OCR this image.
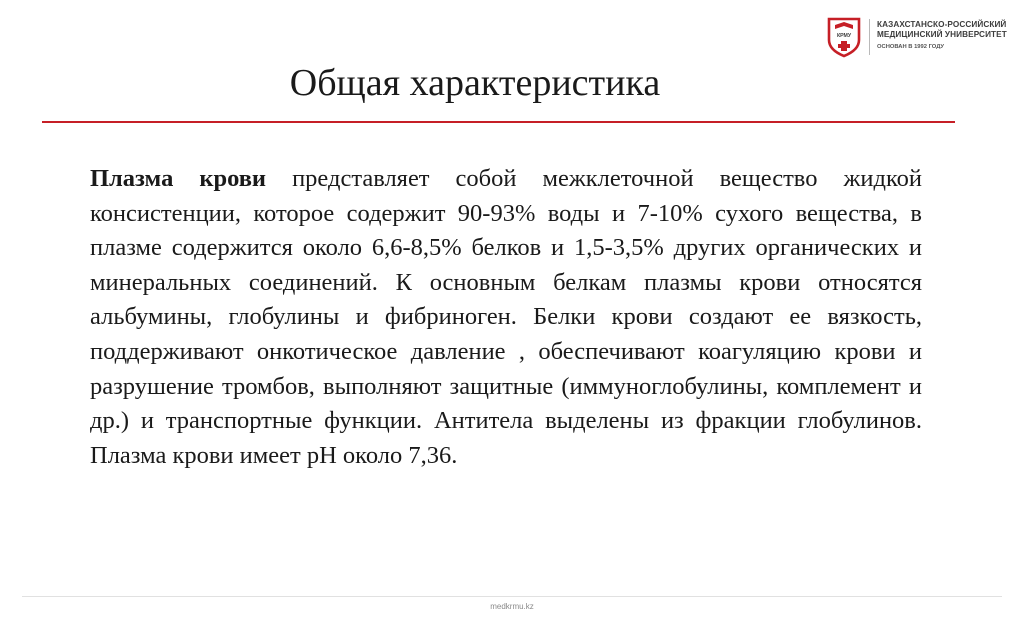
КРМУ
КАЗАХСТАНСКО-РОССИЙСКИЙ
МЕДИЦИНСКИЙ УНИВЕРСИТЕТ
ОСНОВАН В 1992 ГОДУ
Общая характеристика

Плазма крови представляет собой межклеточной вещество жидкой консистенции, которое содержит 90-93% воды и 7-10% сухого вещества, в плазме содержится около 6,6-8,5% белков и 1,5-3,5% других органических и минеральных соединений. К основным белкам плазмы крови относятся альбумины, глобулины и фибриноген. Белки крови создают ее вязкость, поддерживают онкотическое давление , обеспечивают коагуляцию крови и разрушение тромбов, выполняют защитные (иммуноглобулины, комплемент и др.) и транспортные функции. Антитела выделены из фракции глобулинов. Плазма крови имеет рН около 7,36.

medkrmu.kz
